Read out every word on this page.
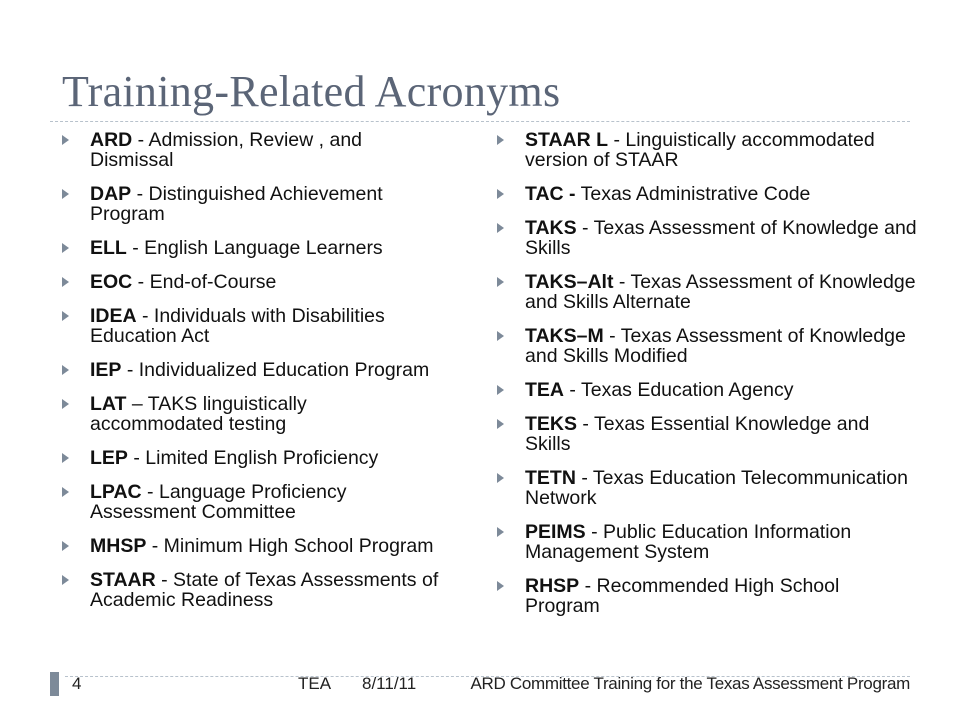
Training-Related Acronyms
ARD - Admission, Review , and Dismissal
DAP - Distinguished Achievement Program
ELL - English Language Learners
EOC - End-of-Course
IDEA - Individuals with Disabilities Education Act
IEP - Individualized Education Program
LAT – TAKS linguistically accommodated testing
LEP - Limited English Proficiency
LPAC - Language Proficiency Assessment Committee
MHSP - Minimum High School Program
STAAR - State of Texas Assessments of Academic Readiness
STAAR L - Linguistically accommodated version of STAAR
TAC - Texas Administrative Code
TAKS - Texas Assessment of Knowledge and Skills
TAKS–Alt - Texas Assessment of Knowledge and Skills Alternate
TAKS–M - Texas Assessment of Knowledge and Skills Modified
TEA - Texas Education Agency
TEKS - Texas Essential Knowledge and Skills
TETN - Texas Education Telecommunication Network
PEIMS - Public Education Information Management System
RHSP - Recommended High School Program
4	TEA 8/11/11	ARD Committee Training for the Texas Assessment Program
